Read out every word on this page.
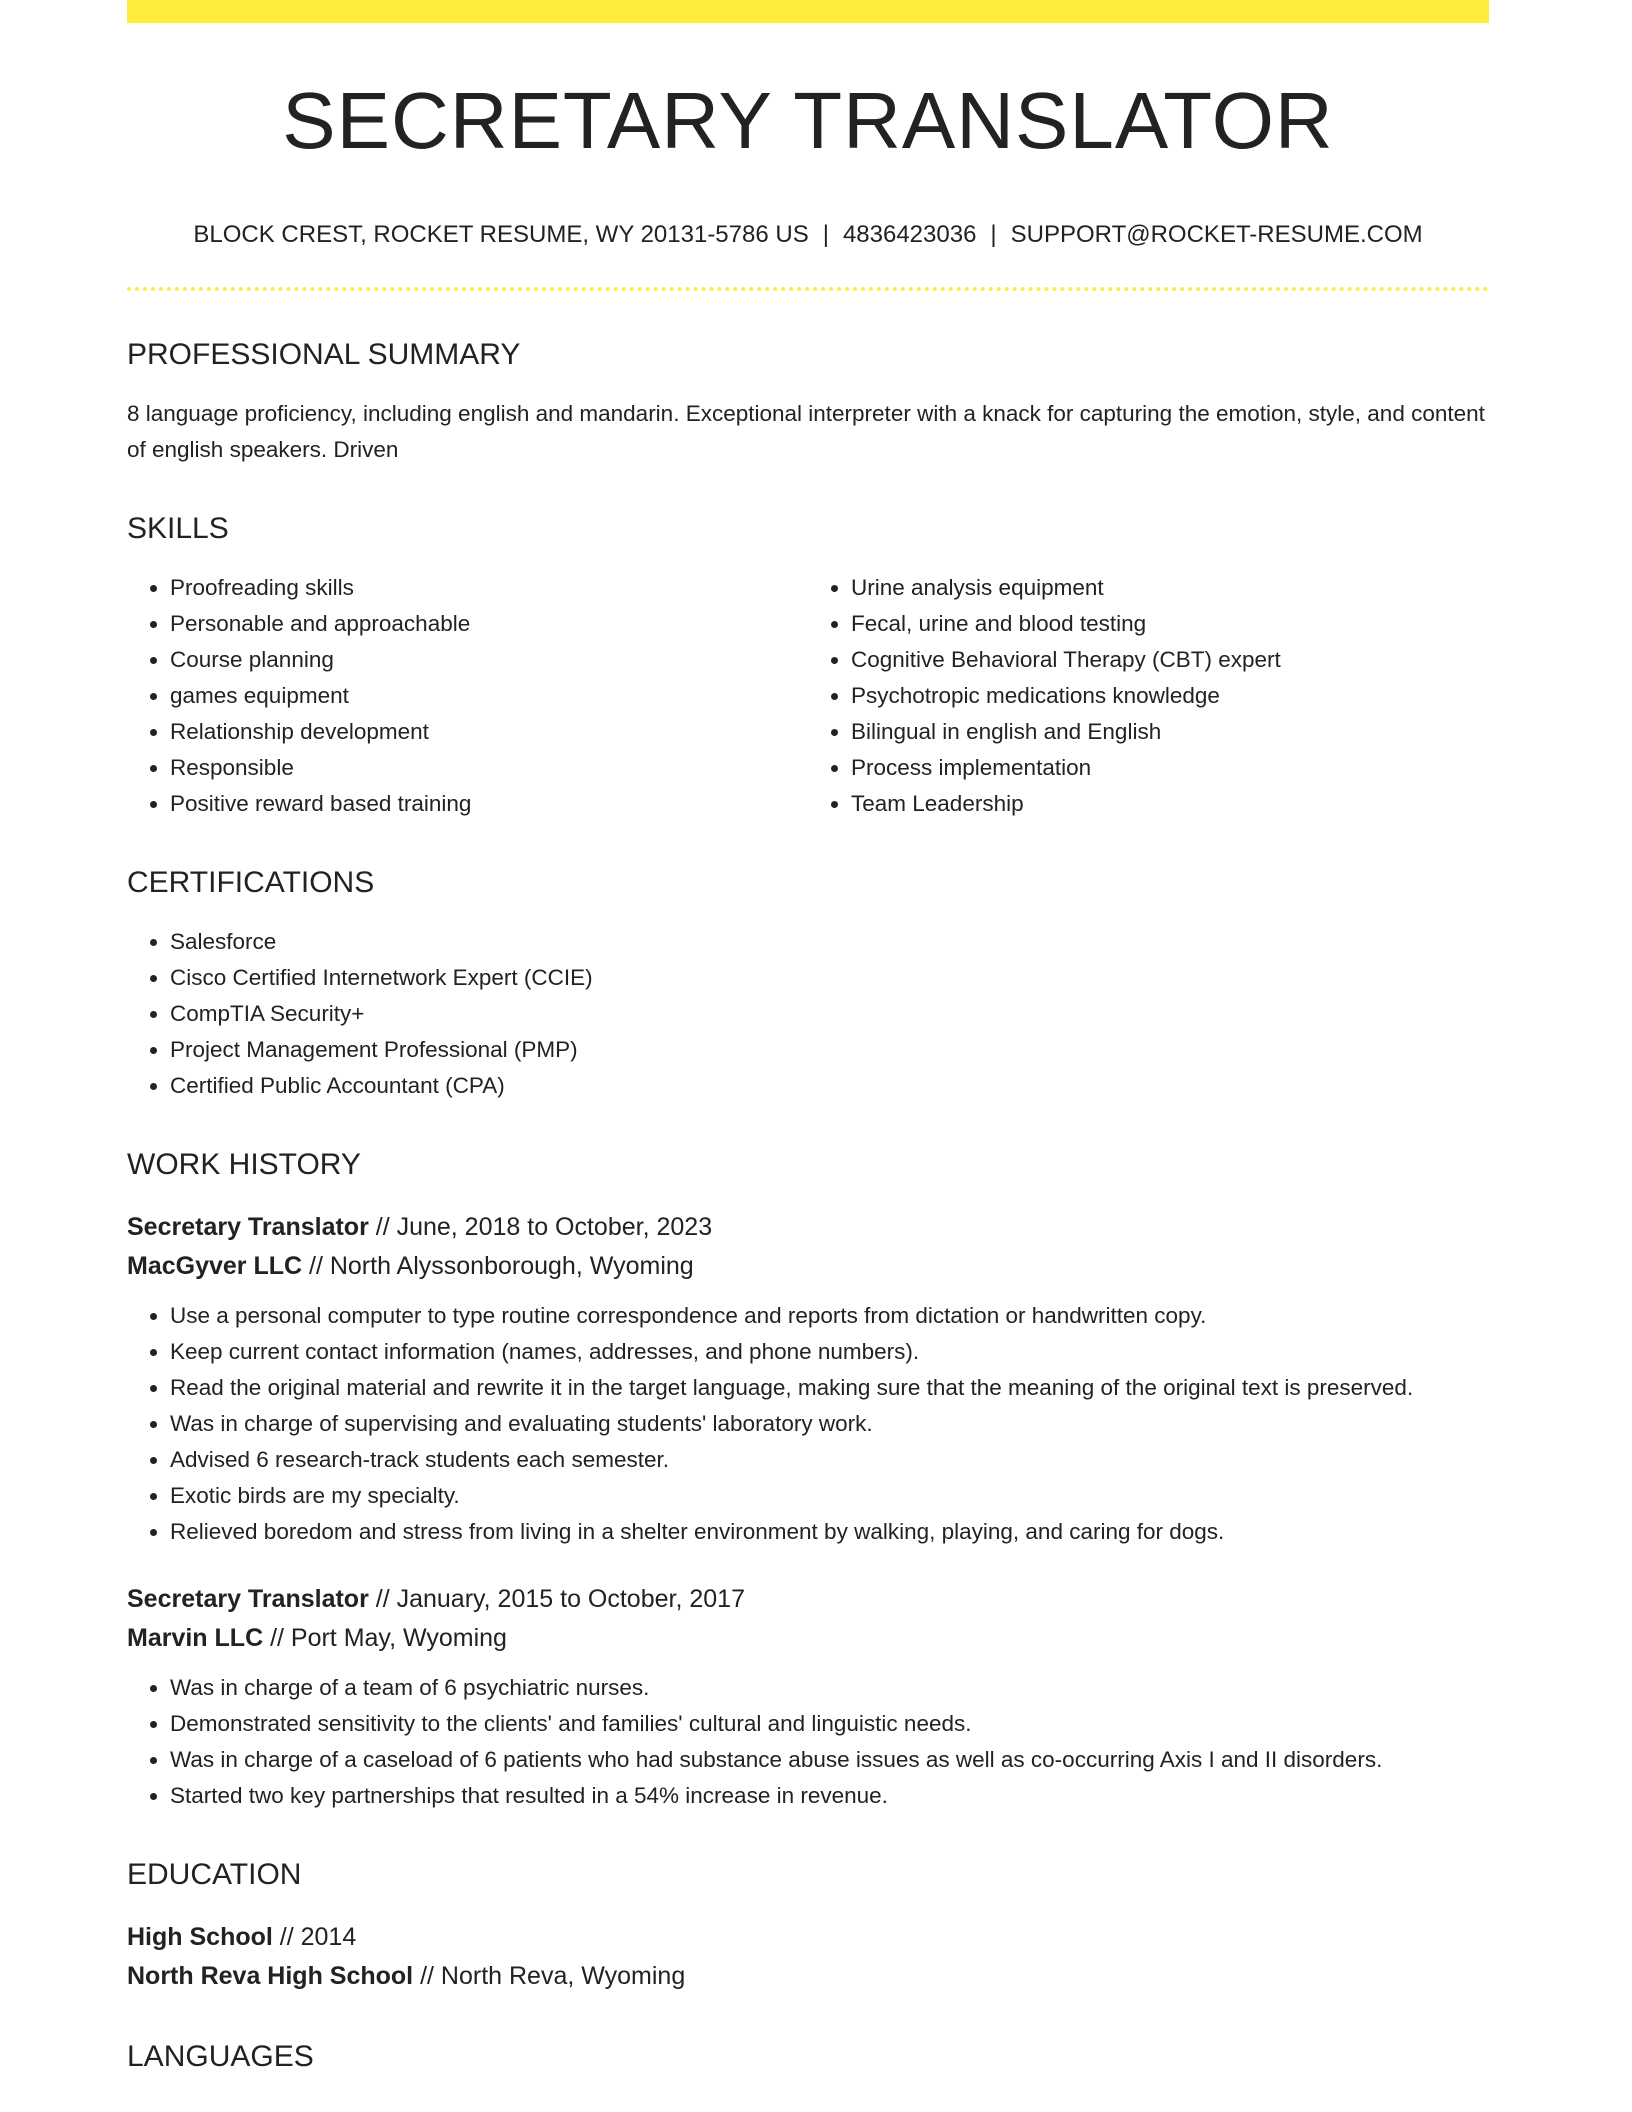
SECRETARY TRANSLATOR
BLOCK CREST, ROCKET RESUME, WY 20131-5786 US | 4836423036 | SUPPORT@ROCKET-RESUME.COM
PROFESSIONAL SUMMARY
8 language proficiency, including english and mandarin. Exceptional interpreter with a knack for capturing the emotion, style, and content of english speakers. Driven
SKILLS
• Proofreading skills
• Personable and approachable
• Course planning
• games equipment
• Relationship development
• Responsible
• Positive reward based training
• Urine analysis equipment
• Fecal, urine and blood testing
• Cognitive Behavioral Therapy (CBT) expert
• Psychotropic medications knowledge
• Bilingual in english and English
• Process implementation
• Team Leadership
CERTIFICATIONS
• Salesforce
• Cisco Certified Internetwork Expert (CCIE)
• CompTIA Security+
• Project Management Professional (PMP)
• Certified Public Accountant (CPA)
WORK HISTORY
Secretary Translator // June, 2018 to October, 2023
MacGyver LLC // North Alyssonborough, Wyoming
• Use a personal computer to type routine correspondence and reports from dictation or handwritten copy.
• Keep current contact information (names, addresses, and phone numbers).
• Read the original material and rewrite it in the target language, making sure that the meaning of the original text is preserved.
• Was in charge of supervising and evaluating students' laboratory work.
• Advised 6 research-track students each semester.
• Exotic birds are my specialty.
• Relieved boredom and stress from living in a shelter environment by walking, playing, and caring for dogs.
Secretary Translator // January, 2015 to October, 2017
Marvin LLC // Port May, Wyoming
• Was in charge of a team of 6 psychiatric nurses.
• Demonstrated sensitivity to the clients' and families' cultural and linguistic needs.
• Was in charge of a caseload of 6 patients who had substance abuse issues as well as co-occurring Axis I and II disorders.
• Started two key partnerships that resulted in a 54% increase in revenue.
EDUCATION
High School // 2014
North Reva High School // North Reva, Wyoming
LANGUAGES
